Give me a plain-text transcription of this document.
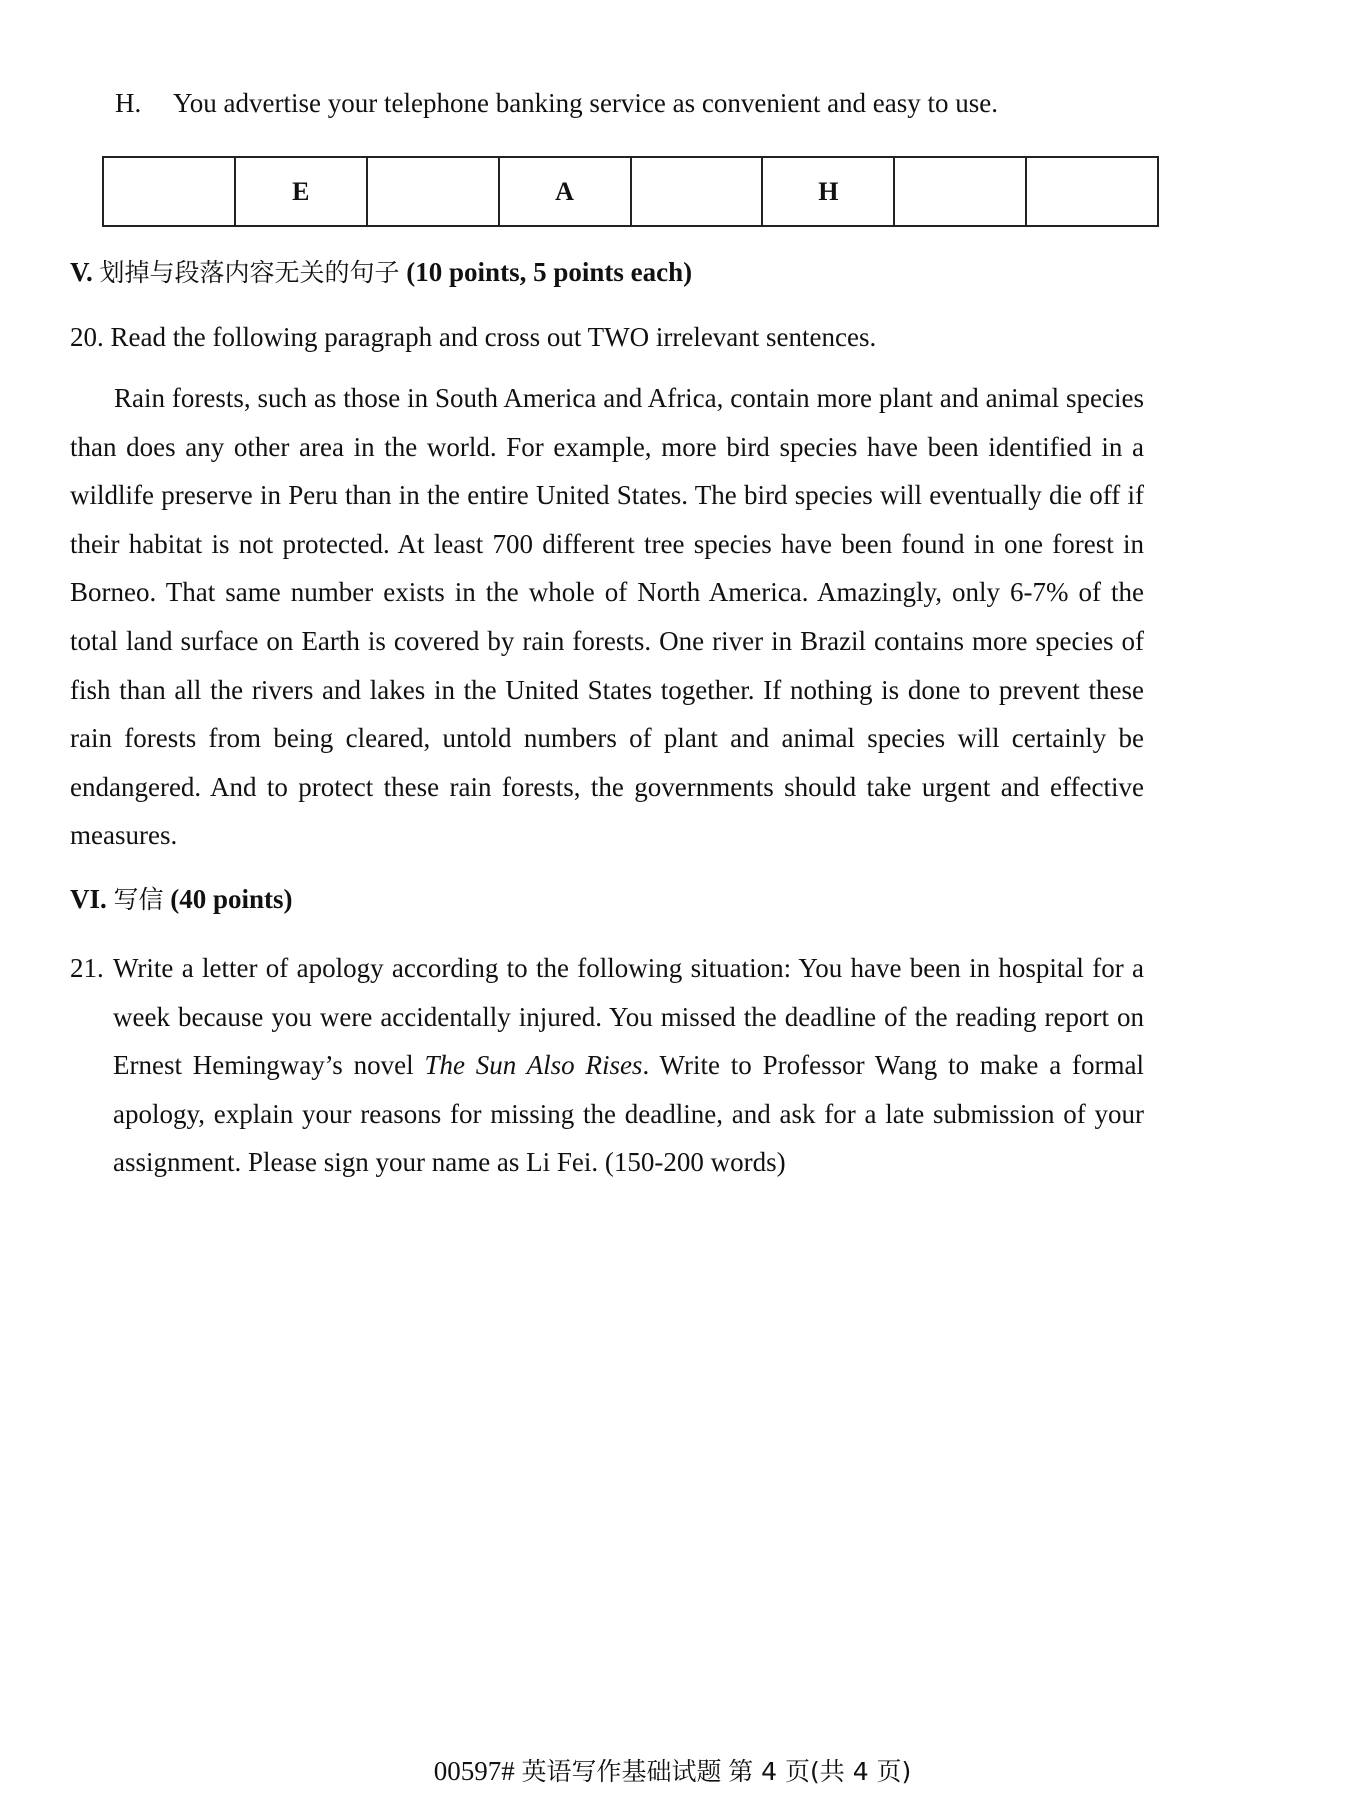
H. You advertise your telephone banking service as convenient and easy to use.
	E		A		H		
V. 划掉与段落内容无关的句子 (10 points, 5 points each)
20. Read the following paragraph and cross out TWO irrelevant sentences.

Rain forests, such as those in South America and Africa, contain more plant and animal species than does any other area in the world. For example, more bird species have been identified in a wildlife preserve in Peru than in the entire United States. The bird species will eventually die off if their habitat is not protected. At least 700 different tree species have been found in one forest in Borneo. That same number exists in the whole of North America. Amazingly, only 6-7% of the total land surface on Earth is covered by rain forests. One river in Brazil contains more species of fish than all the rivers and lakes in the United States together. If nothing is done to prevent these rain forests from being cleared, untold numbers of plant and animal species will certainly be endangered. And to protect these rain forests, the governments should take urgent and effective measures.

VI. 写信 (40 points)
21. Write a letter of apology according to the following situation: You have been in hospital for a week because you were accidentally injured. You missed the deadline of the reading report on Ernest Hemingway’s novel The Sun Also Rises. Write to Professor Wang to make a formal apology, explain your reasons for missing the deadline, and ask for a late submission of your assignment. Please sign your name as Li Fei. (150-200 words)
00597# 英语写作基础试题 第 4 页(共 4 页)
